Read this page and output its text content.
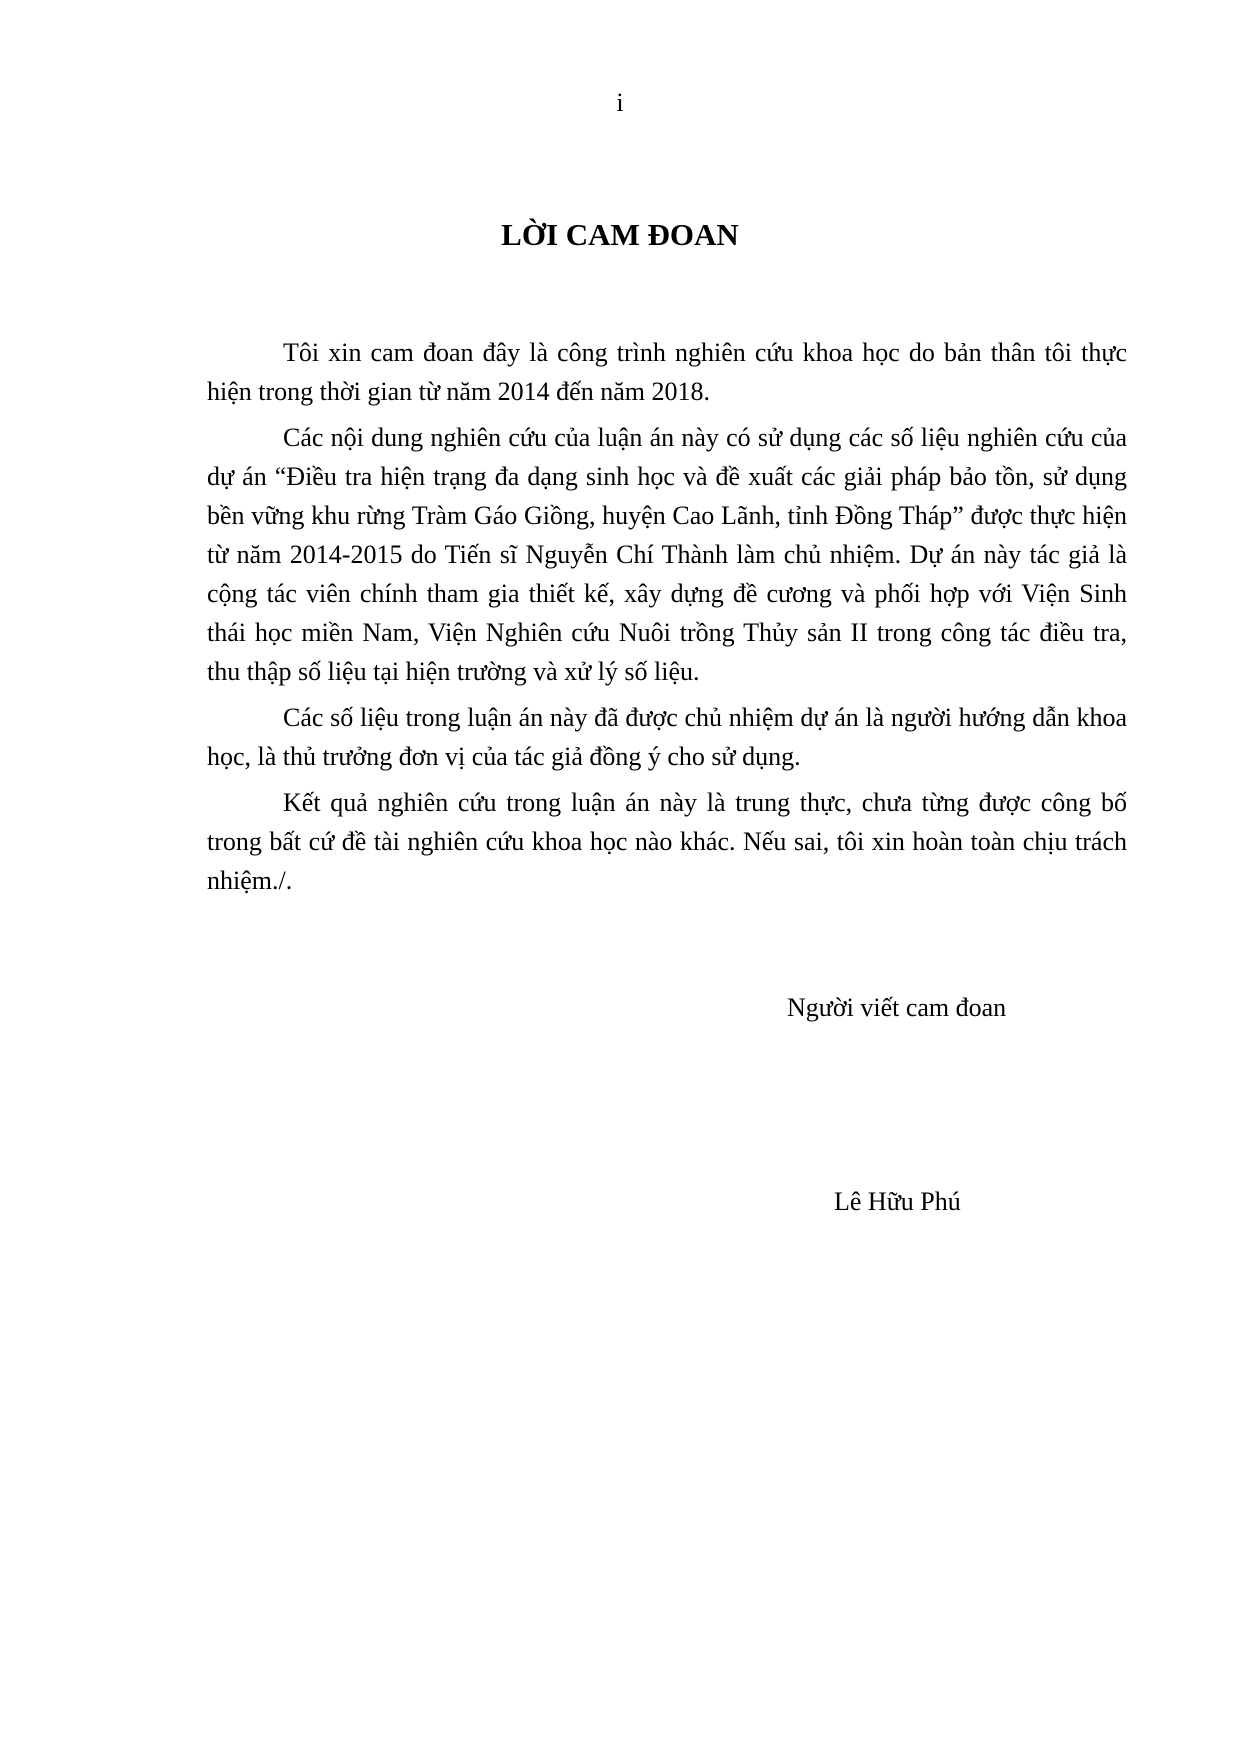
i
LỜI CAM ĐOAN

Tôi xin cam đoan đây là công trình nghiên cứu khoa học do bản thân tôi thực hiện trong thời gian từ năm 2014 đến năm 2018.

Các nội dung nghiên cứu của luận án này có sử dụng các số liệu nghiên cứu của dự án “Điều tra hiện trạng đa dạng sinh học và đề xuất các giải pháp bảo tồn, sử dụng bền vững khu rừng Tràm Gáo Giồng, huyện Cao Lãnh, tỉnh Đồng Tháp” được thực hiện từ năm 2014-2015 do Tiến sĩ Nguyễn Chí Thành làm chủ nhiệm. Dự án này tác giả là cộng tác viên chính tham gia thiết kế, xây dựng đề cương và phối hợp với Viện Sinh thái học miền Nam, Viện Nghiên cứu Nuôi trồng Thủy sản II trong công tác điều tra, thu thập số liệu tại hiện trường và xử lý số liệu.

Các số liệu trong luận án này đã được chủ nhiệm dự án là người hướng dẫn khoa học, là thủ trưởng đơn vị của tác giả đồng ý cho sử dụng.

Kết quả nghiên cứu trong luận án này là trung thực, chưa từng được công bố trong bất cứ đề tài nghiên cứu khoa học nào khác. Nếu sai, tôi xin hoàn toàn chịu trách nhiệm./.

Người viết cam đoan
Lê Hữu Phú
